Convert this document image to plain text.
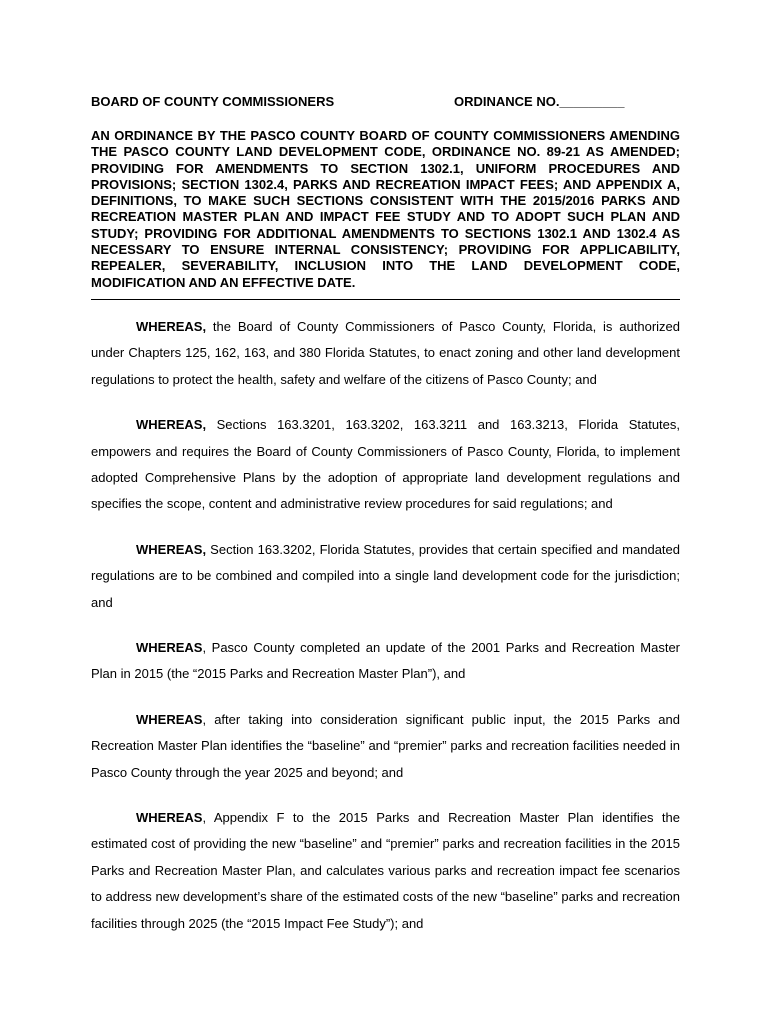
BOARD OF COUNTY COMMISSIONERS	ORDINANCE NO._________
AN ORDINANCE BY THE PASCO COUNTY BOARD OF COUNTY COMMISSIONERS AMENDING THE PASCO COUNTY LAND DEVELOPMENT CODE, ORDINANCE NO. 89-21 AS AMENDED; PROVIDING FOR AMENDMENTS TO SECTION 1302.1, UNIFORM PROCEDURES AND PROVISIONS; SECTION 1302.4, PARKS AND RECREATION IMPACT FEES; AND APPENDIX A, DEFINITIONS, TO MAKE SUCH SECTIONS CONSISTENT WITH THE 2015/2016 PARKS AND RECREATION MASTER PLAN AND IMPACT FEE STUDY AND TO ADOPT SUCH PLAN AND STUDY; PROVIDING FOR ADDITIONAL AMENDMENTS TO SECTIONS 1302.1 AND 1302.4 AS NECESSARY TO ENSURE INTERNAL CONSISTENCY; PROVIDING FOR APPLICABILITY, REPEALER, SEVERABILITY, INCLUSION INTO THE LAND DEVELOPMENT CODE, MODIFICATION AND AN EFFECTIVE DATE.

WHEREAS, the Board of County Commissioners of Pasco County, Florida, is authorized under Chapters 125, 162, 163, and 380 Florida Statutes, to enact zoning and other land development regulations to protect the health, safety and welfare of the citizens of Pasco County; and

WHEREAS, Sections 163.3201, 163.3202, 163.3211 and 163.3213, Florida Statutes, empowers and requires the Board of County Commissioners of Pasco County, Florida, to implement adopted Comprehensive Plans by the adoption of appropriate land development regulations and specifies the scope, content and administrative review procedures for said regulations; and

WHEREAS, Section 163.3202, Florida Statutes, provides that certain specified and mandated regulations are to be combined and compiled into a single land development code for the jurisdiction; and

WHEREAS, Pasco County completed an update of the 2001 Parks and Recreation Master Plan in 2015 (the “2015 Parks and Recreation Master Plan”), and

WHEREAS, after taking into consideration significant public input, the 2015 Parks and Recreation Master Plan identifies the “baseline” and “premier” parks and recreation facilities needed in Pasco County through the year 2025 and beyond; and

WHEREAS, Appendix F to the 2015 Parks and Recreation Master Plan identifies the estimated cost of providing the new “baseline” and “premier” parks and recreation facilities in the 2015 Parks and Recreation Master Plan, and calculates various parks and recreation impact fee scenarios to address new development’s share of the estimated costs of the new “baseline” parks and recreation facilities through 2025 (the “2015 Impact Fee Study”); and
